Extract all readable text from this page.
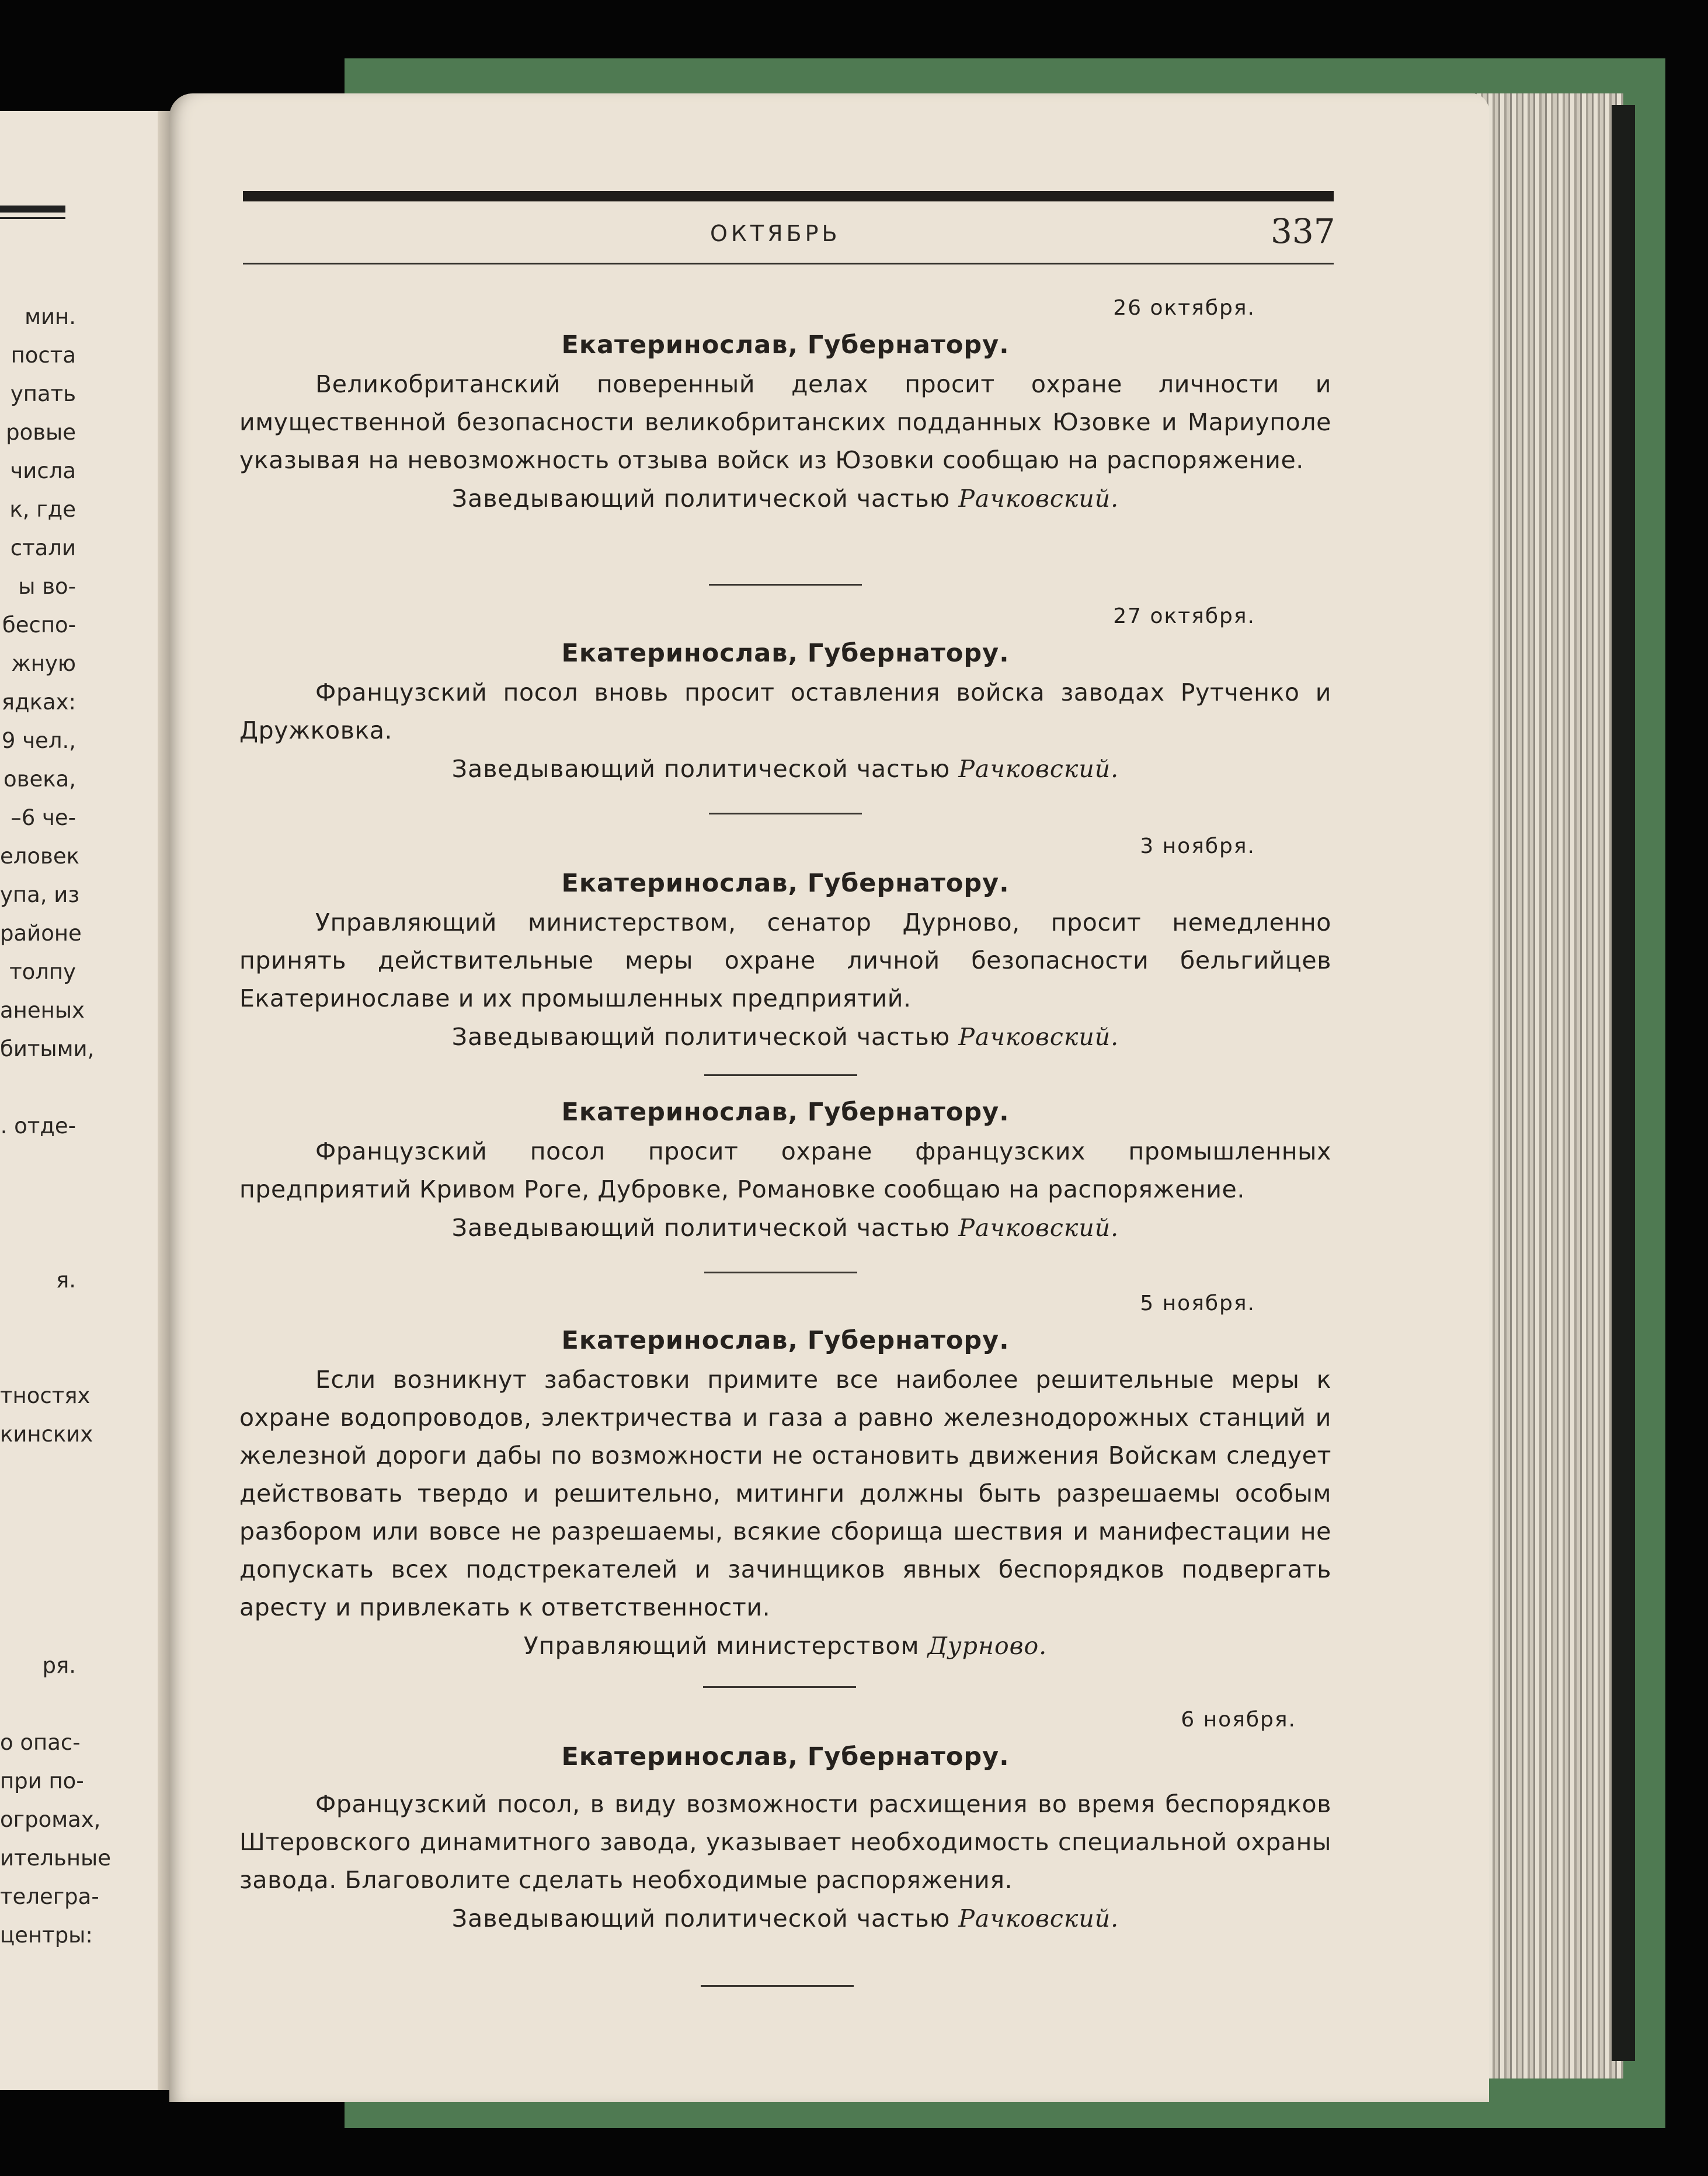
мин.
поста
упать
ровые
числа
к, где
стали
ы во-
беспо-
жную
ядках:
9 чел.,
овека,
–6 че-
еловек
упа, из
районе
толпу
аненых
битыми,
. отде-
я.
тностях
кинских
ря.
о опас-
при по-
огромах,
ительные
телегра-
центры:
ОКТЯБРЬ	337
26 октября.
Екатеринослав, Губернатору.

Великобританский поверенный делах просит охране личности и имущественной безопасности великобританских подданных Юзовке и Мариуполе указывая на невозможность отзыва войск из Юзовки сообщаю на распоряжение.

Заведывающий политической частью Рачковский.
27 октября.
Екатеринослав, Губернатору.

Французский посол вновь просит оставления войска заводах Рутченко и Дружковка.

Заведывающий политической частью Рачковский.
3 ноября.
Екатеринослав, Губернатору.

Управляющий министерством, сенатор Дурново, просит немедленно принять действительные меры охране личной безопасности бельгийцев Екатеринославе и их промышленных предприятий.

Заведывающий политической частью Рачковский.
Екатеринослав, Губернатору.

Французский посол просит охране французских промышленных предприятий Кривом Роге, Дубровке, Романовке сообщаю на распоряжение.

Заведывающий политической частью Рачковский.
5 ноября.
Екатеринослав, Губернатору.

Если возникнут забастовки примите все наиболее решительные меры к охране водопроводов, электричества и газа а равно железнодорожных станций и железной дороги дабы по возможности не остановить движения Войскам следует действовать твердо и решительно, митинги должны быть разрешаемы особым разбором или вовсе не разрешаемы, всякие сборища шествия и манифестации не допускать всех подстрекателей и зачинщиков явных беспорядков подвергать аресту и привлекать к ответственности.

Управляющий министерством Дурново.
6 ноября.
Екатеринослав, Губернатору.

Французский посол, в виду возможности расхищения во время беспорядков Штеровского динамитного завода, указывает необходимость специальной охраны завода. Благоволите сделать необходимые распоряжения.

Заведывающий политической частью Рачковский.
